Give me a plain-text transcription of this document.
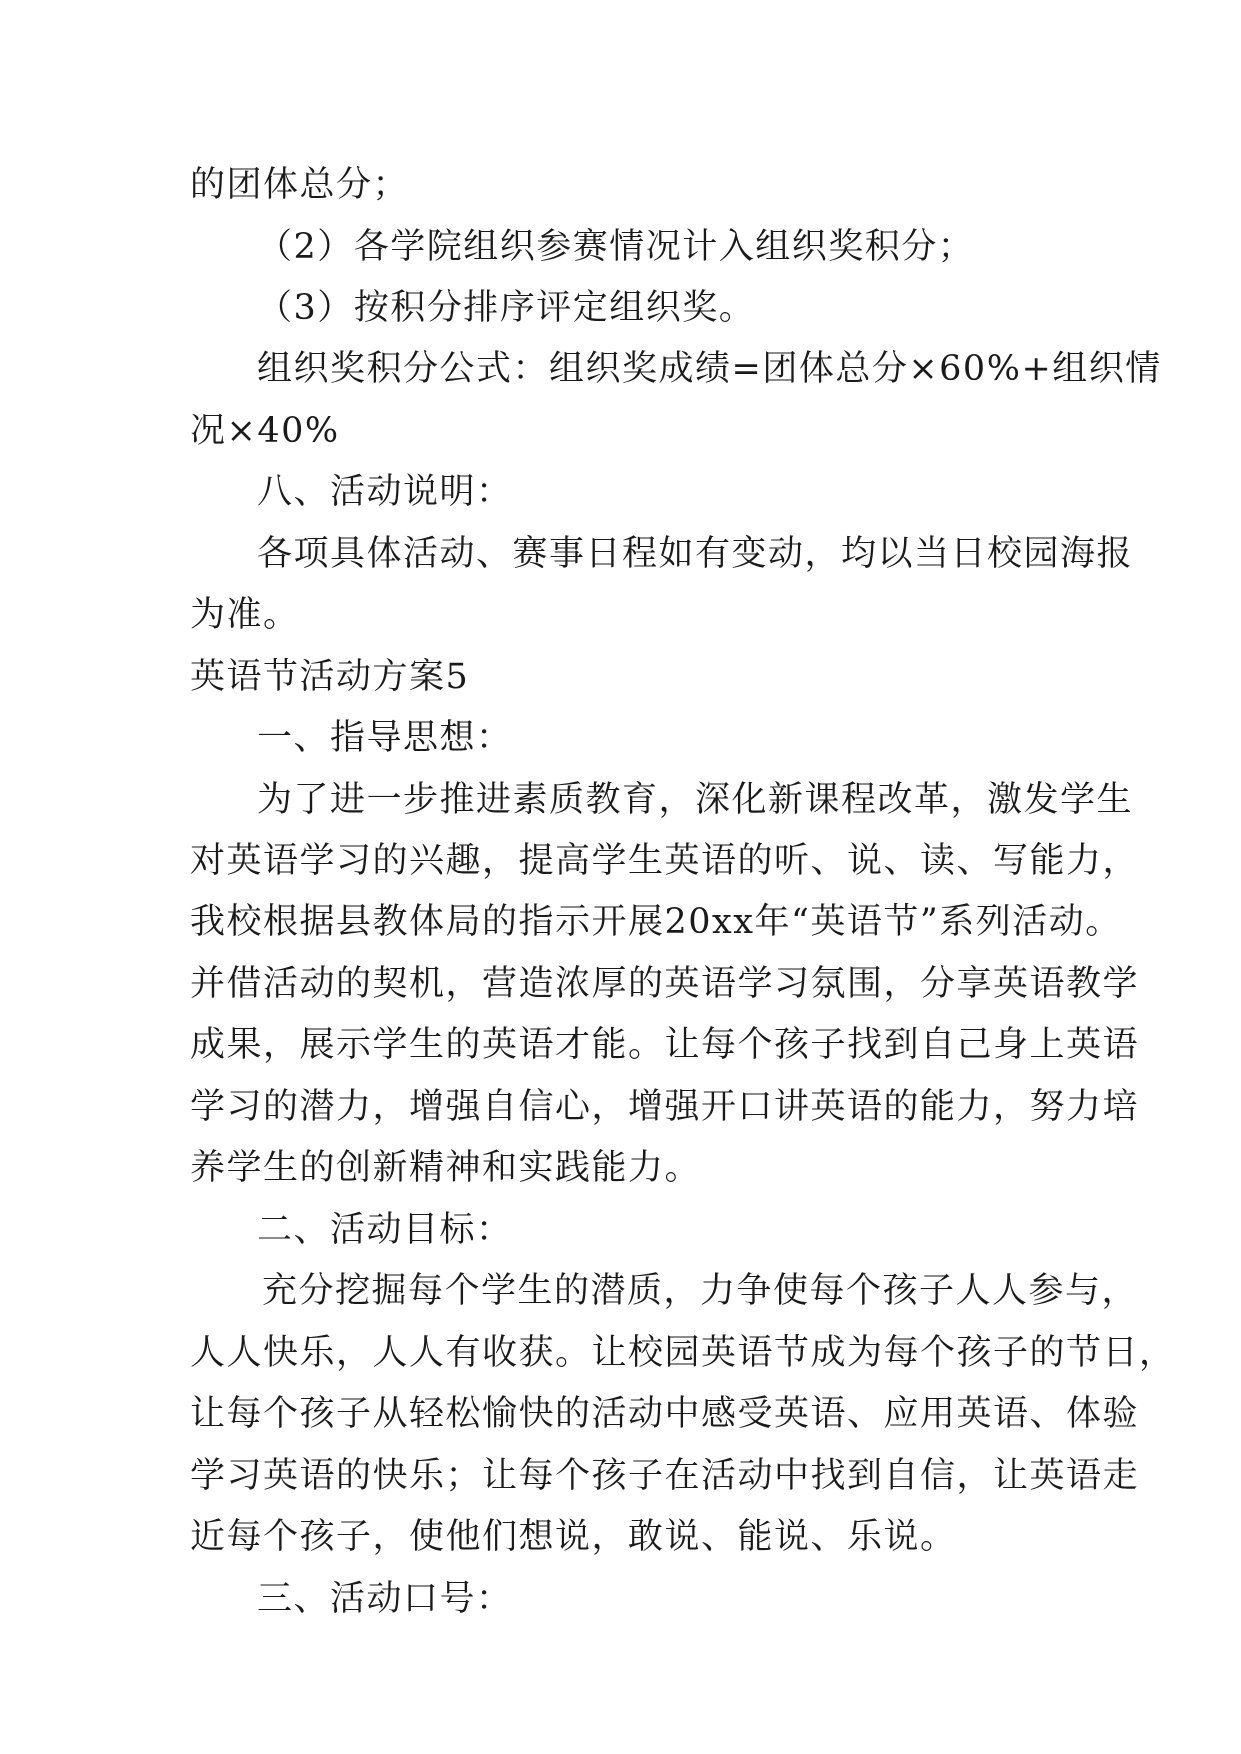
的团体总分；
（2）各学院组织参赛情况计入组织奖积分；
（3）按积分排序评定组织奖。
组织奖积分公式：组织奖成绩=团体总分×60%+组织情
况×40%
八、活动说明：
各项具体活动、赛事日程如有变动，均以当日校园海报
为准。
英语节活动方案5
一、指导思想：
为了进一步推进素质教育，深化新课程改革，激发学生
对英语学习的兴趣，提高学生英语的听、说、读、写能力，
我校根据县教体局的指示开展20xx年“英语节”系列活动。
并借活动的契机，营造浓厚的英语学习氛围，分享英语教学
成果，展示学生的英语才能。让每个孩子找到自己身上英语
学习的潜力，增强自信心，增强开口讲英语的能力，努力培
养学生的创新精神和实践能力。
二、活动目标：
充分挖掘每个学生的潜质，力争使每个孩子人人参与，
人人快乐，人人有收获。让校园英语节成为每个孩子的节日，
让每个孩子从轻松愉快的活动中感受英语、应用英语、体验
学习英语的快乐；让每个孩子在活动中找到自信，让英语走
近每个孩子，使他们想说，敢说、能说、乐说。
三、活动口号：
